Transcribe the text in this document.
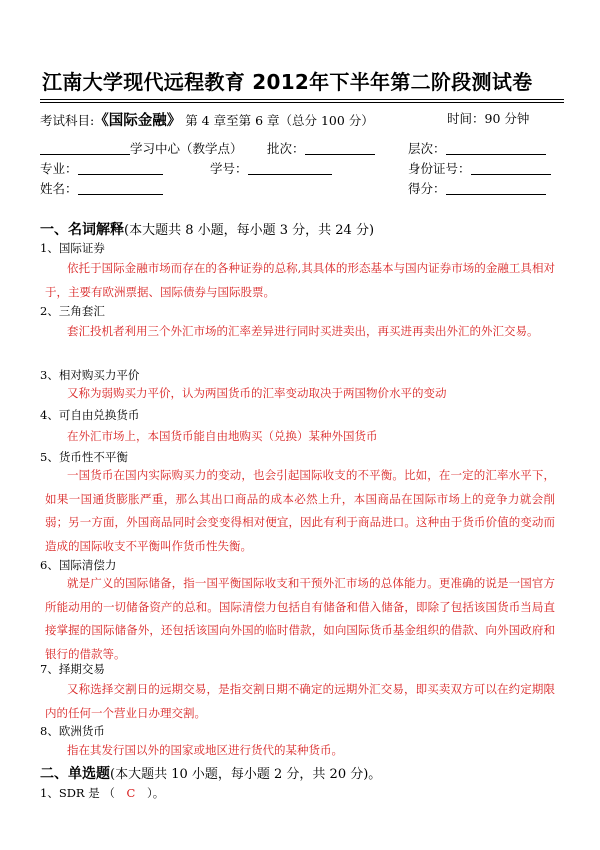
江南大学现代远程教育 2012年下半年第二阶段测试卷
考试科目:《国际金融》 第 4 章至第 6 章（总分 100 分）	时间：90 分钟
学习中心（教学点） 批次：	层次：
专业：	学号：	身份证号：
姓名：	得分：
一、名词解释(本大题共 8 小题，每小题 3 分，共 24 分)
1、国际证券

依托于国际金融市场而存在的各种证券的总称,其具体的形态基本与国内证券市场的金融工具相对于，主要有欧洲票据、国际债券与国际股票。

2、三角套汇

套汇投机者利用三个外汇市场的汇率差异进行同时买进卖出，再买进再卖出外汇的外汇交易。

3、相对购买力平价

又称为弱购买力平价，认为两国货币的汇率变动取决于两国物价水平的变动

4、可自由兑换货币

在外汇市场上，本国货币能自由地购买（兑换）某种外国货币

5、货币性不平衡

一国货币在国内实际购买力的变动，也会引起国际收支的不平衡。比如，在一定的汇率水平下，如果一国通货膨胀严重，那么其出口商品的成本必然上升，本国商品在国际市场上的竞争力就会削弱；另一方面，外国商品同时会变变得相对便宜，因此有利于商品进口。这种由于货币价值的变动而造成的国际收支不平衡叫作货币性失衡。

6、国际清偿力

就是广义的国际储备，指一国平衡国际收支和干预外汇市场的总体能力。更准确的说是一国官方所能动用的一切储备资产的总和。国际清偿力包括自有储备和借入储备，即除了包括该国货币当局直接掌握的国际储备外，还包括该国向外国的临时借款，如向国际货币基金组织的借款、向外国政府和银行的借款等。

7、择期交易

又称选择交割日的远期交易，是指交割日期不确定的远期外汇交易，即买卖双方可以在约定期限内的任何一个营业日办理交割。

8、欧洲货币

指在其发行国以外的国家或地区进行货代的某种货币。

二、单选题(本大题共 10 小题，每小题 2 分，共 20 分)。
1、SDR 是 （ C ）。
